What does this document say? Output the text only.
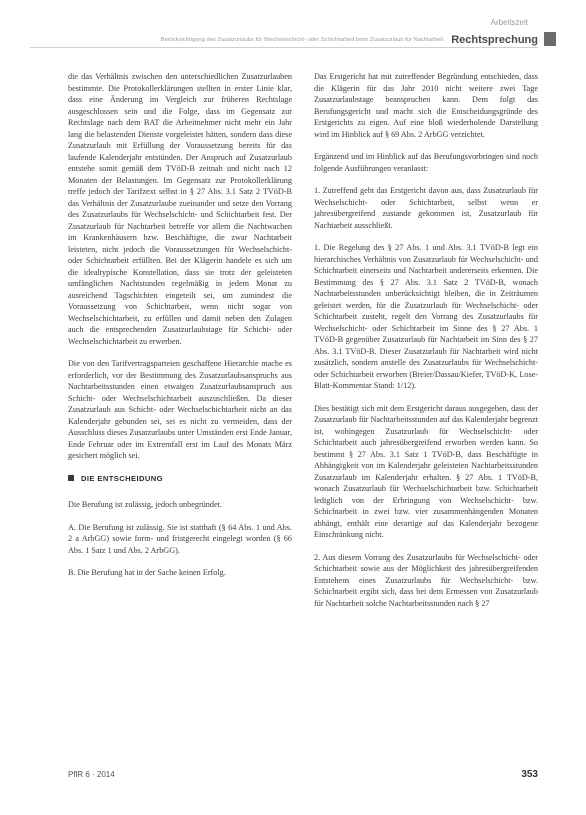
Arbeitszeit
Berücksichtigung des Zusatzurlaubs für Wechselschicht- oder Schichtarbeit beim Zusatzurlaub für Nachtarbeit Rechtsprechung

die das Verhältnis zwischen den unterschiedlichen Zusatzurlauben bestimmte. Die Protokollerklärungen stellten in erster Linie klar, dass eine Änderung im Vergleich zur früheren Rechtslage ausgeschlossen sein und die Folge, dass im Gegensatz zur Rechtslage nach dem BAT die Arbeitnehmer nicht mehr ein Jahr lang die belastenden Dienste vorgeleistet hätten, sondern dass diese Zusatzurlaub mit Erfüllung der Voraussetzung bereits für das laufende Kalenderjahr entstünden. Der Anspruch auf Zusatzurlaub entstehe somit gemäß dem TVöD-B zeitnah und nicht nach 12 Monaten der Belastungen. Im Gegensatz zur Protokollerklärung treffe jedoch der Tarifzext selbst in § 27 Abs. 3.1 Satz 2 TVöD-B das Verhältnis der Zusatzurlaube zueinander und setze den Vorrang des Zusatzurlaubs für Wechselschicht- und Schichtarbeit fest. Der Zusatzurlaub für Nachtarbeit betreffe vor allem die Nachtwachen im Krankenhäusern bzw. Beschäftigte, die zwar Nachtarbeit leisteten, nicht jedoch die Voraussetzungen für Wechselschicht- oder Schichtarbeit erfüllten. Bei der Klägerin handele es sich um die idealtypische Konstellation, dass sie trotz der geleisteten umfänglichen Nachtstunden regelmäßig in jedem Monat zu ausreichend Tagschichten eingeteilt sei, um zumindest die Voraussetzung von Schichtarbeit, wenn nicht sogar von Wechselschichtarbeit, zu erfüllen und damit neben den Zulagen auch die entsprechenden Zusatzurlaubstage für Schicht- oder Wechselschichtarbeit zu erwerben.

Die von den Tarifvertragsparteien geschaffene Hierarchie mache es erforderlich, vor der Bestimmung des Zusatzurlaubsanspruchs aus Nachtarbeitsstunden einen etwaigen Zusatzurlaubsanspruch aus Schicht- oder Wechselschichtarbeit auszuschließen. Da dieser Zusatzurlaub aus Schicht- oder Wechselschichtarbeit nicht an das Kalenderjahr gebunden sei, sei es nicht zu vermeiden, dass der Ausschluss dieses Zusatzurlaubs unter Umständen erst Ende Januar, Ende Februar oder im Extremfall erst im Lauf des Monats März gesichert möglich sei.

DIE ENTSCHEIDUNG

Die Berufung ist zulässig, jedoch unbegründet.

A. Die Berufung ist zulässig. Sie ist statthaft (§ 64 Abs. 1 und Abs. 2 a ArbGG) sowie form- und fristgerecht eingelegt worden (§ 66 Abs. 1 Satz 1 und Abs. 2 ArbGG).

B. Die Berufung hat in der Sache keinen Erfolg.

Das Erstgericht hat mit zutreffender Begründung entschieden, dass die Klägerin für das Jahr 2010 nicht weitere zwei Tage Zusatzurlaubstage beanspruchen kann. Dem folgt das Berufungsgericht und macht sich die Entscheidungsgründe des Erstgerichts zu eigen. Auf eine bloß wiederholende Darstellung wird im Hinblick auf § 69 Abs. 2 ArbGG verzichtet.

Ergänzend und im Hinblick auf das Berufungsvorbringen sind noch folgende Ausführungen veranlasst:

1. Zutreffend geht das Erstgericht davon aus, dass Zusatzurlaub für Wechselschicht- oder Schichtarbeit, selbst wenn er jahresübergreifend zustande gekommen ist, Zusatzurlaub für Nachtarbeit ausschließt.

1. Die Regelung des § 27 Abs. 1 und Abs. 3.1 TVöD-B legt ein hierarchisches Verhältnis von Zusatzurlaub für Wechselschicht- und Schichtarbeit einerseits und Nachtarbeit andererseits erkennen. Die Bestimmung des § 27 Abs. 3.1 Satz 2 TVöD-B, wonach Nachtarbeitsstunden unberücksichtigt bleiben, die in Zeiträumen geleistet werden, für die Zusatzurlaub für Wechselschicht- oder Schichtarbeit zusteht, regelt den Vorrang des Zusatzurlaubs für Wechselschicht- oder Schichtarbeit im Sinne des § 27 Abs. 1 TVöD-B gegenüber Zusatzurlaub für Nachtarbeit im Sinn des § 27 Abs. 3.1 TVöD-B. Dieser Zusatzurlaub für Nachtarbeit wird nicht zusätzlich, sondern anstelle des Zusatzurlaubs für Wechselschicht- oder Schichtarbeit erworben (Breier/Dassau/Kiefer, TVöD-K, Lose-Blatt-Kommentar Stand: 1/12).

Dies bestätigt sich mit dem Erstgericht daraus ausgegeben, dass der Zusatzurlaub für Nachtarbeitsstunden auf das Kalenderjahr begrenzt ist, wohingegen Zusatzurlaub für Wechselschicht- oder Schichtarbeit auch jahresübergreifend erworben werden kann. So bestimmt § 27 Abs. 3.1 Satz 1 TVöD-B, dass Beschäftigte in Abhängigkeit von im Kalenderjahr geleisteten Nachtarbeitsstunden Zusatzurlaub im Kalenderjahr erhalten. § 27 Abs. 1 TVöD-B, wonach Zusatzurlaub für Wechselschichtarbeit bzw. Schichtarbeit lediglich von der Erbringung von Wechselschicht- bzw. Schichtarbeit in zwei bzw. vier zusammenhängenden Monaten abhängt, enthält eine derartige auf das Kalenderjahr bezogene Einschränkung nicht.

2. Aus diesem Vorrang des Zusatzurlaubs für Wechselschicht- oder Schichtarbeit sowie aus der Möglichkeit des jahresübergreifenden Entstehens eines Zusatzurlaubs für Wechselschicht- bzw. Schichtarbeit ergibt sich, dass bei dem Ermessen von Zusatzurlaub für Nachtarbeit solche Nachtarbeitsstunden nach § 27

PflR 6 · 2014	353
